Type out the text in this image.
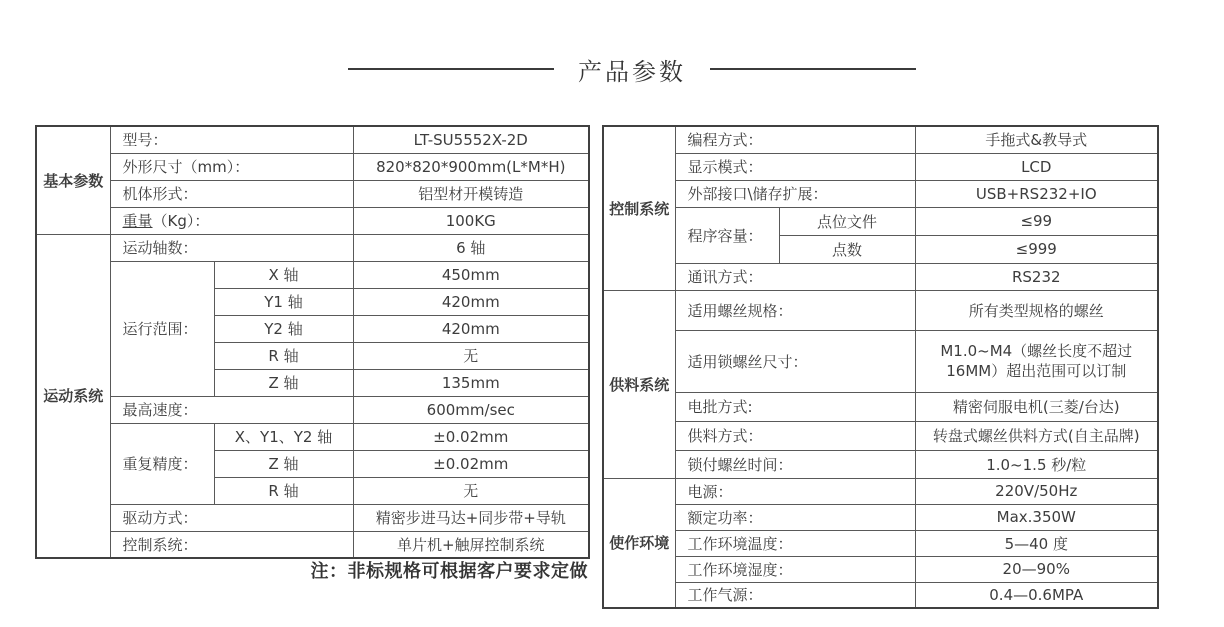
产品参数
基本参数	型号：		LT-SU5552X-2D
	外形尺寸（mm）：		820*820*900mm(L*M*H)
	机体形式：		铝型材开模铸造
	重量（Kg）：		100KG
运动系统	运动轴数：		6 轴
	运行范围：	X 轴	450mm
		Y1 轴	420mm
		Y2 轴	420mm
		R 轴	无
		Z 轴	135mm
	最高速度：		600mm/sec
	重复精度：	X、Y1、Y2 轴	±0.02mm
		Z 轴	±0.02mm
		R 轴	无
	驱动方式：		精密步进马达+同步带+导轨
	控制系统：		单片机+触屏控制系统
注：非标规格可根据客户要求定做
控制系统	编程方式：		手拖式&教导式
	显示模式：		LCD
	外部接口\储存扩展：		USB+RS232+IO
	程序容量：	点位文件	≤99
		点数	≤999
	通讯方式：		RS232
供料系统	适用螺丝规格：		所有类型规格的螺丝
	适用锁螺丝尺寸：		M1.0~M4（螺丝长度不超过
16MM）超出范围可以订制

	电批方式:		精密伺服电机(三菱/台达)
	供料方式：		转盘式螺丝供料方式(自主品牌)
	锁付螺丝时间：		1.0~1.5 秒/粒
使作环境	电源：		220V/50Hz
	额定功率：		Max.350W
	工作环境温度：		5—40 度
	工作环境湿度：		20—90%
	工作气源：		0.4—0.6MPA
